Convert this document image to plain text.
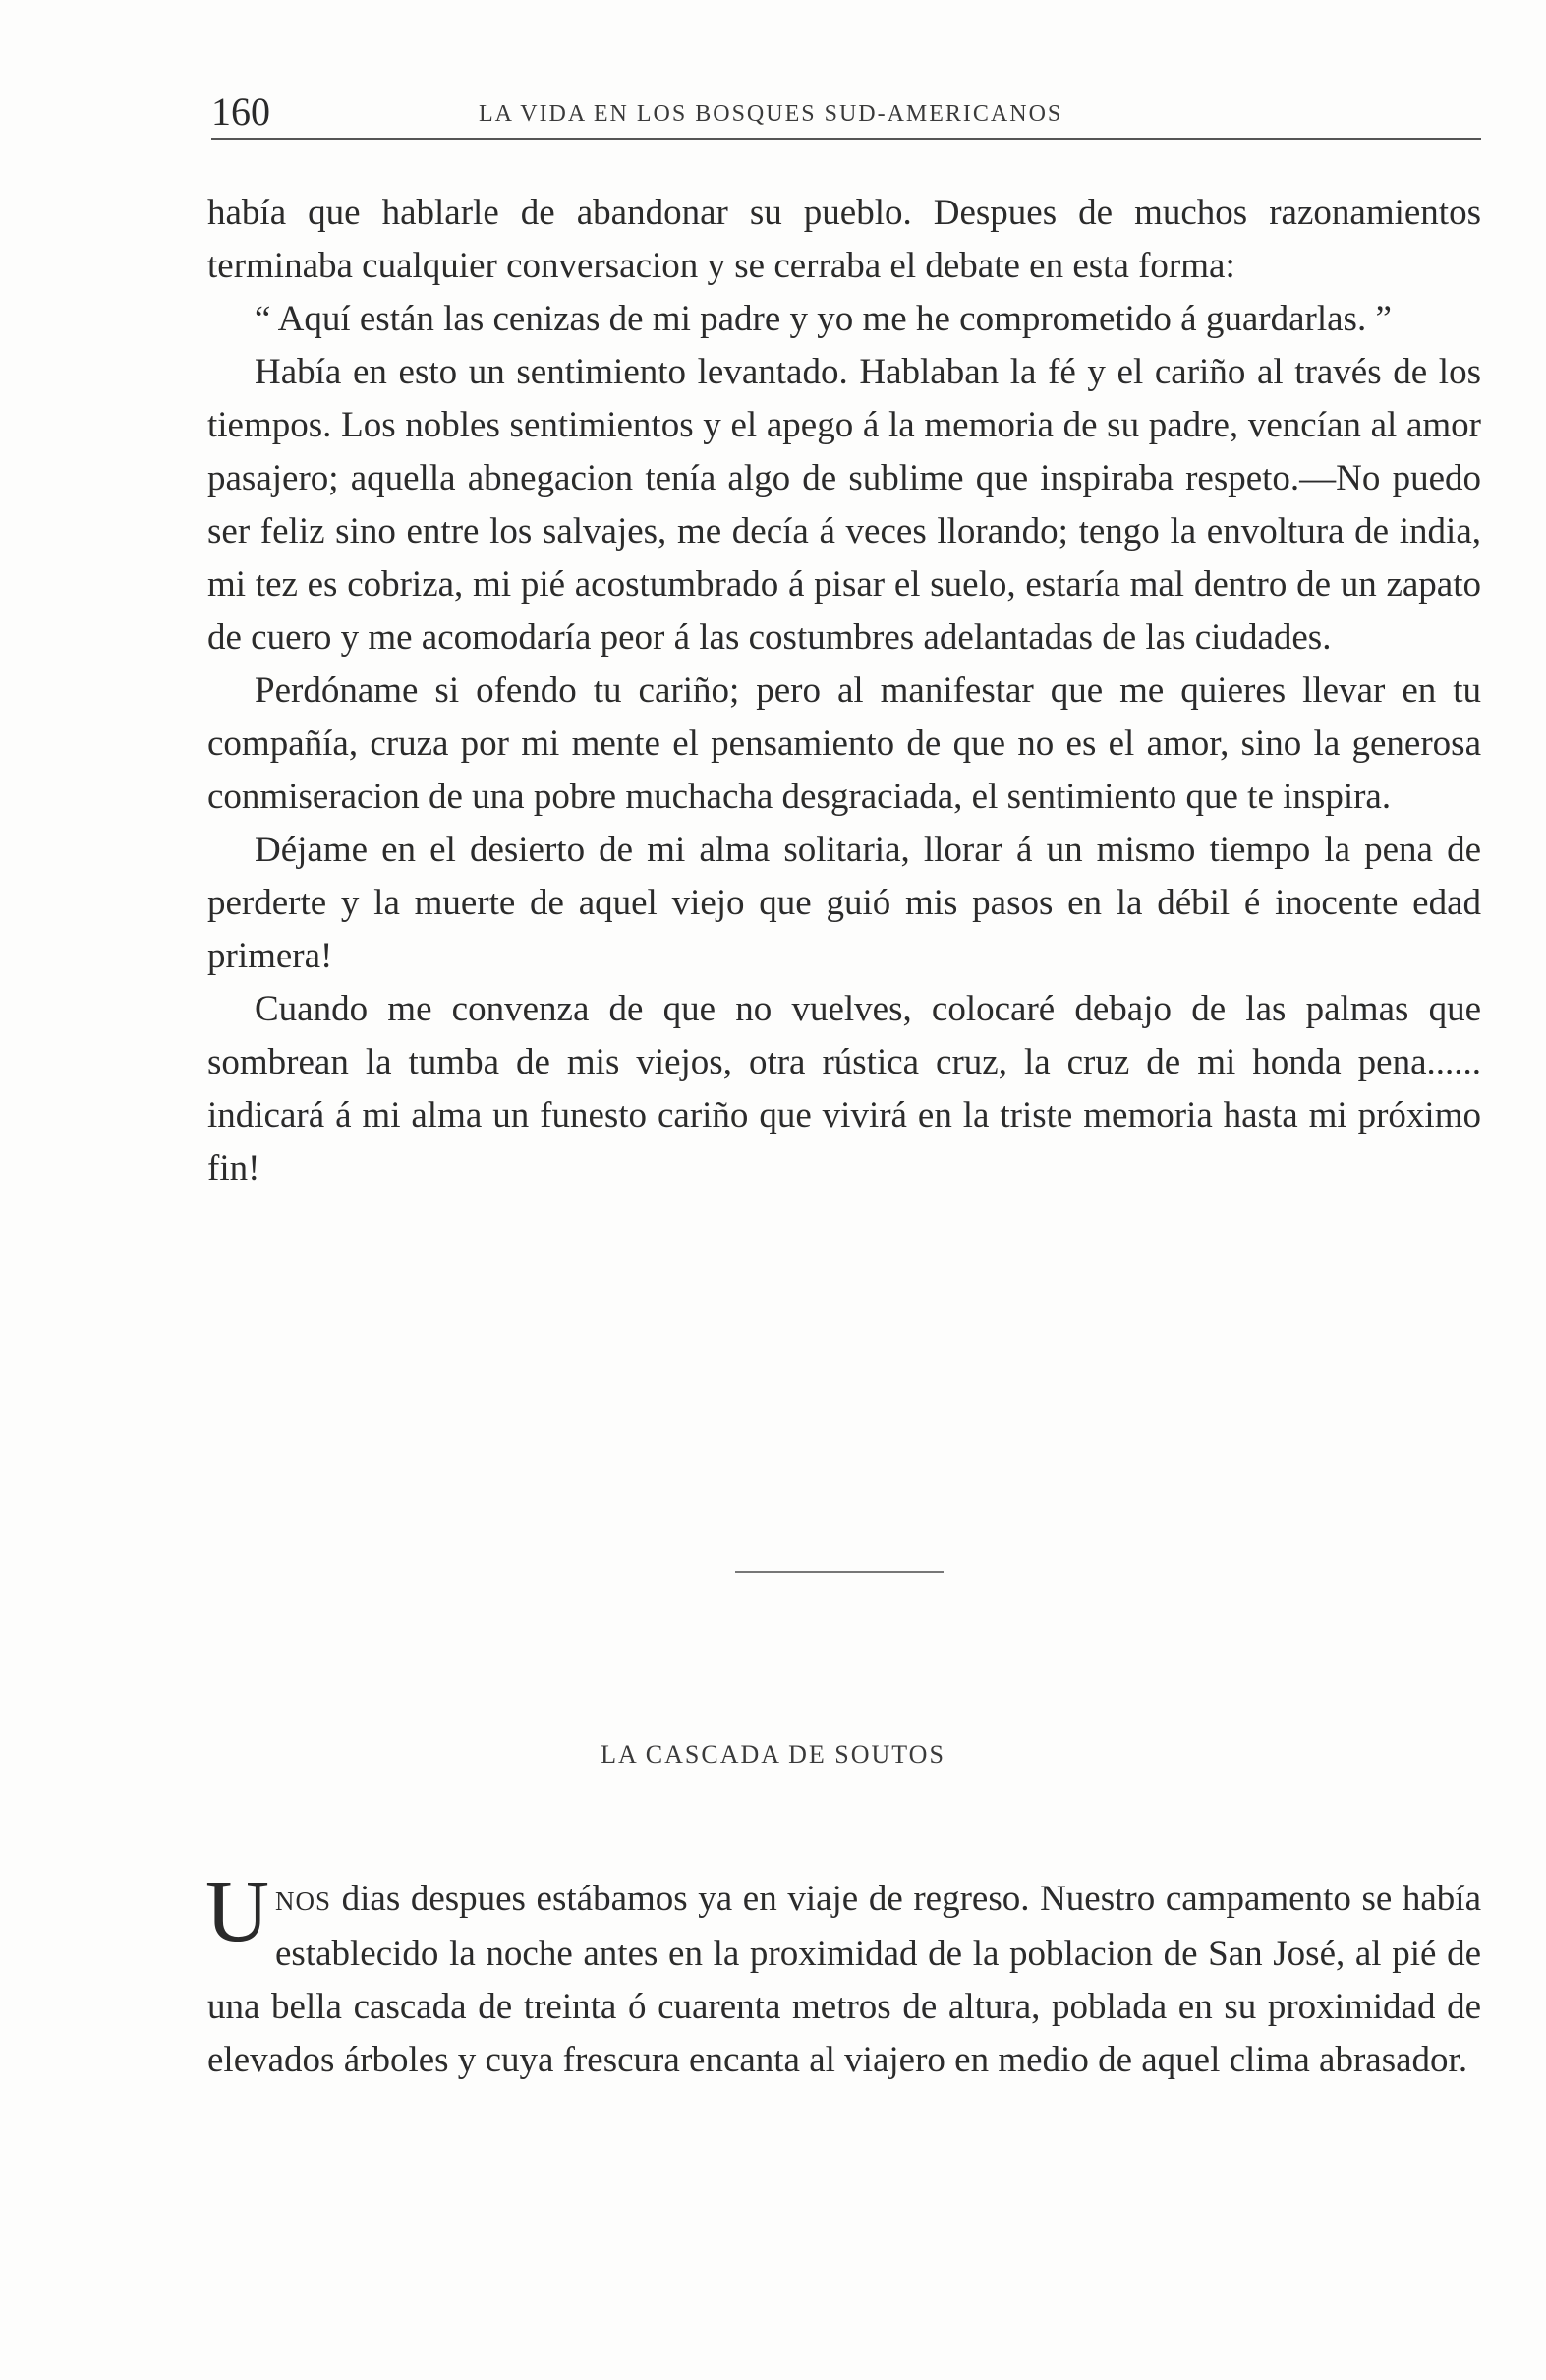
160	LA VIDA EN LOS BOSQUES SUD-AMERICANOS

había que hablarle de abandonar su pueblo. Despues de muchos razonamientos terminaba cualquier conversacion y se cerraba el debate en esta forma:

“ Aquí están las cenizas de mi padre y yo me he comprometido á guardarlas. ”

Había en esto un sentimiento levantado. Hablaban la fé y el cariño al través de los tiempos. Los nobles sentimientos y el apego á la memoria de su padre, vencían al amor pasajero; aquella abnegacion tenía algo de sublime que inspiraba respeto.—No puedo ser feliz sino entre los salvajes, me decía á veces llorando; tengo la envoltura de india, mi tez es cobriza, mi pié acostumbrado á pisar el suelo, estaría mal dentro de un zapato de cuero y me acomodaría peor á las costumbres adelantadas de las ciudades.

Perdóname si ofendo tu cariño; pero al manifestar que me quieres llevar en tu compañía, cruza por mi mente el pensamiento de que no es el amor, sino la generosa conmiseracion de una pobre muchacha desgraciada, el sentimiento que te inspira.

Déjame en el desierto de mi alma solitaria, llorar á un mismo tiempo la pena de perderte y la muerte de aquel viejo que guió mis pasos en la débil é inocente edad primera!

Cuando me convenza de que no vuelves, colocaré debajo de las palmas que sombrean la tumba de mis viejos, otra rústica cruz, la cruz de mi honda pena...... indicará á mi alma un funesto cariño que vivirá en la triste memoria hasta mi próximo fin!

LA CASCADA DE SOUTOS

UNOS dias despues estábamos ya en viaje de regreso. Nuestro campamento se había establecido la noche antes en la proximidad de la poblacion de San José, al pié de una bella cascada de treinta ó cuarenta metros de altura, poblada en su proximidad de elevados árboles y cuya frescura encanta al viajero en medio de aquel clima abrasador.
